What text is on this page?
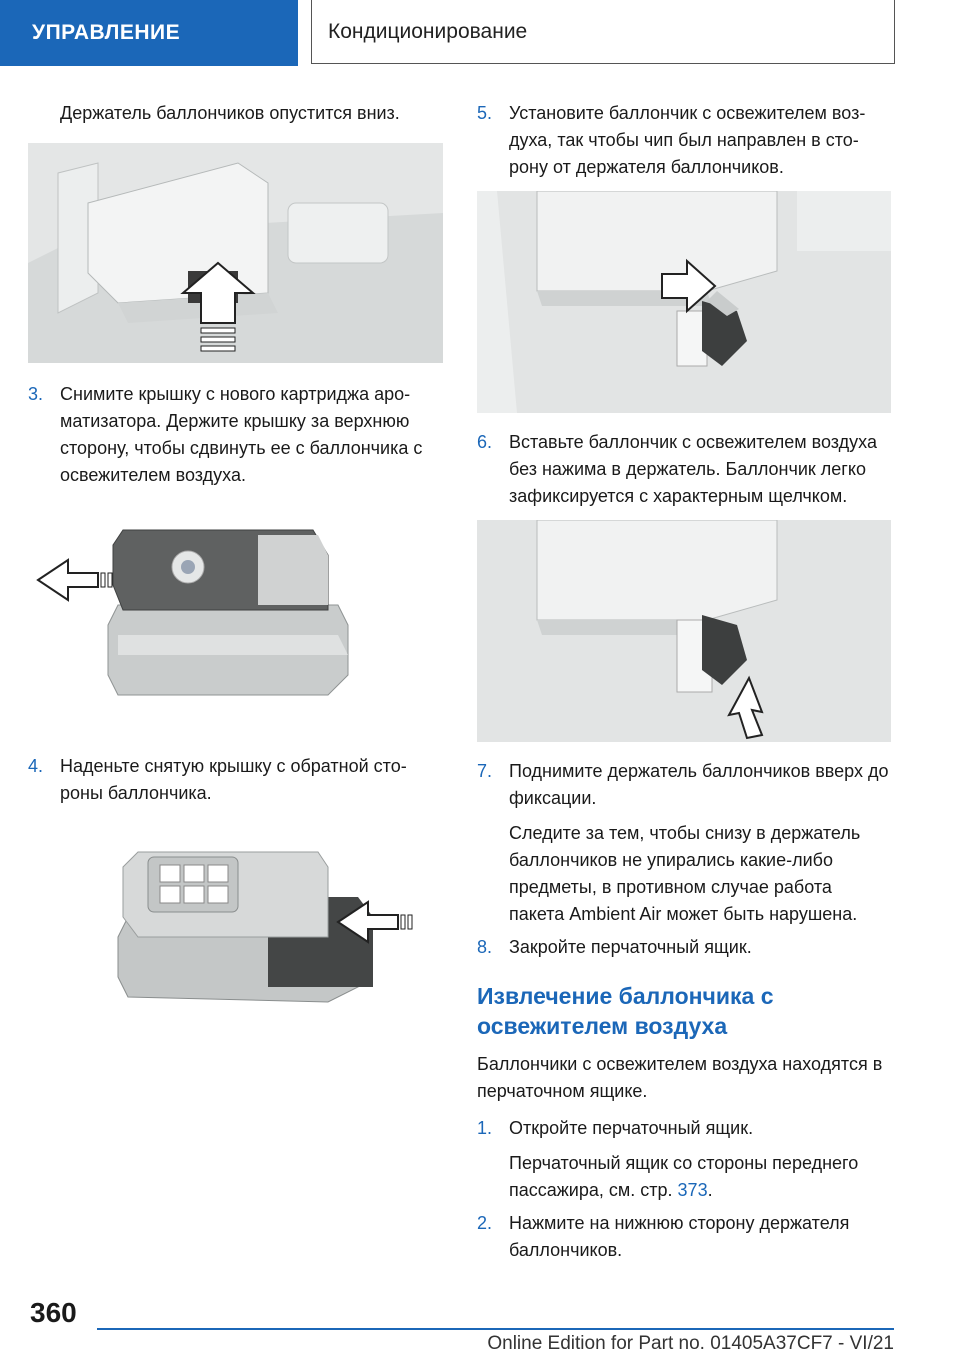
УПРАВЛЕНИЕ	Кондиционирование

Держатель баллончиков опустится вниз.

3. Снимите крышку с нового картриджа ароматизатора. Держите крышку за верхнюю сторону, чтобы сдвинуть ее с баллончика с освежителем воздуха.
4. Наденьте снятую крышку с обратной стороны баллончика.
5. Установите баллончик с освежителем воздуха, так чтобы чип был направлен в сторону от держателя баллончиков.
6. Вставьте баллончик с освежителем воздуха без нажима в держатель. Баллончик легко зафиксируется с характерным щелчком.
7. Поднимите держатель баллончиков вверх до фиксации.

Следите за тем, чтобы снизу в держатель баллончиков не упирались какие-либо предметы, в противном случае работа пакета Ambient Air может быть нарушена.

8. Закройте перчаточный ящик.
Извлечение баллончика с освежителем воздуха

Баллончики с освежителем воздуха находятся в перчаточном ящике.

1. Откройте перчаточный ящик.

Перчаточный ящик со стороны переднего пассажира, см. стр. 373.

2. Нажмите на нижнюю сторону держателя баллончиков.
360
Online Edition for Part no. 01405A37CF7 - VI/21
